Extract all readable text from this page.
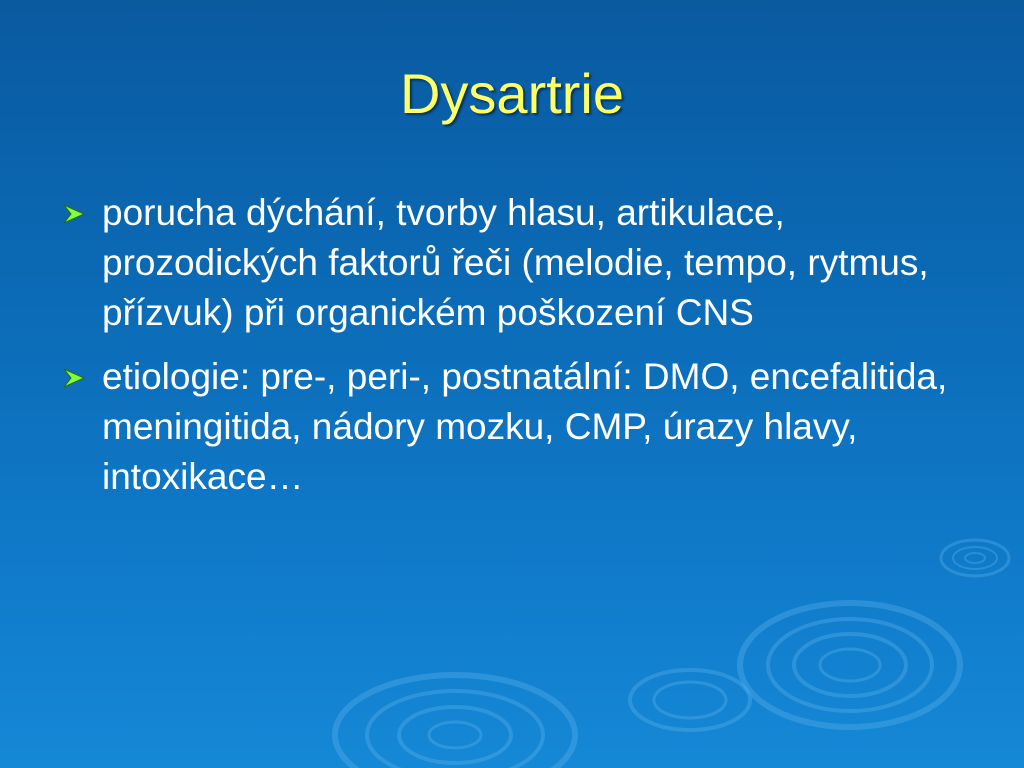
Dysartrie
porucha dýchání, tvorby hlasu, artikulace, prozodických faktorů řeči (melodie, tempo, rytmus, přízvuk) při organickém poškození CNS
etiologie: pre-, peri-, postnatální: DMO, encefalitida, meningitida, nádory mozku, CMP, úrazy hlavy, intoxikace…
